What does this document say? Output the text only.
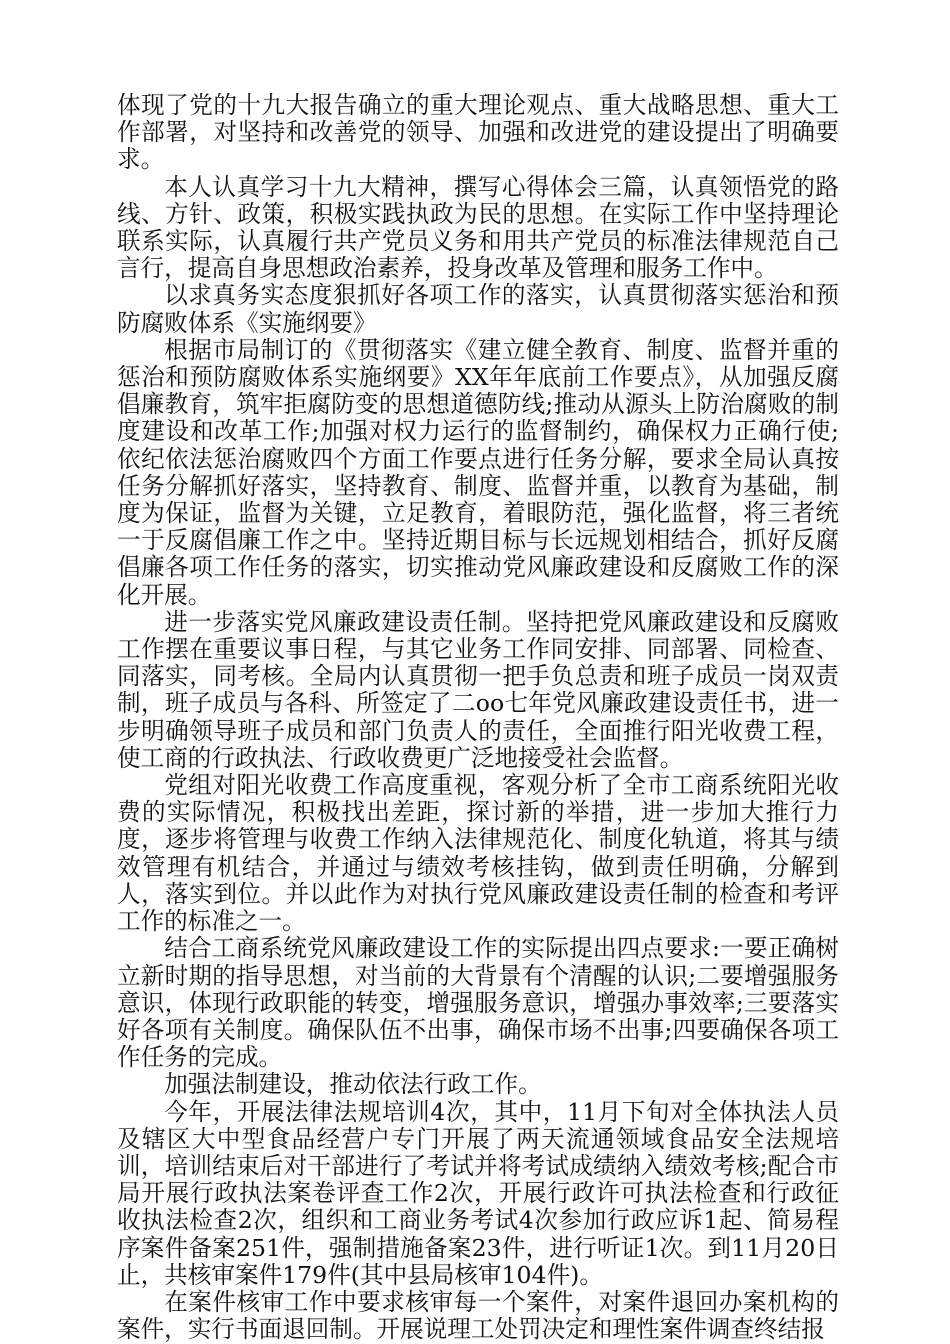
体现了党的十九大报告确立的重大理论观点、重大战略思想、重大工作部署，对坚持和改善党的领导、加强和改进党的建设提出了明确要求。

本人认真学习十九大精神，撰写心得体会三篇，认真领悟党的路线、方针、政策，积极实践执政为民的思想。在实际工作中坚持理论联系实际，认真履行共产党员义务和用共产党员的标准法律规范自己言行，提高自身思想政治素养，投身改革及管理和服务工作中。

以求真务实态度狠抓好各项工作的落实，认真贯彻落实惩治和预防腐败体系《实施纲要》

根据市局制订的《贯彻落实《建立健全教育、制度、监督并重的惩治和预防腐败体系实施纲要》XX年年底前工作要点》，从加强反腐倡廉教育，筑牢拒腐防变的思想道德防线;推动从源头上防治腐败的制度建设和改革工作;加强对权力运行的监督制约，确保权力正确行使;依纪依法惩治腐败四个方面工作要点进行任务分解，要求全局认真按任务分解抓好落实，坚持教育、制度、监督并重，以教育为基础，制度为保证，监督为关键，立足教育，着眼防范，强化监督，将三者统一于反腐倡廉工作之中。坚持近期目标与长远规划相结合，抓好反腐倡廉各项工作任务的落实，切实推动党风廉政建设和反腐败工作的深化开展。

进一步落实党风廉政建设责任制。坚持把党风廉政建设和反腐败工作摆在重要议事日程，与其它业务工作同安排、同部署、同检查、同落实，同考核。全局内认真贯彻一把手负总责和班子成员一岗双责制，班子成员与各科、所签定了二oo七年党风廉政建设责任书，进一步明确领导班子成员和部门负责人的责任，全面推行阳光收费工程，使工商的行政执法、行政收费更广泛地接受社会监督。

党组对阳光收费工作高度重视，客观分析了全市工商系统阳光收费的实际情况，积极找出差距，探讨新的举措，进一步加大推行力度，逐步将管理与收费工作纳入法律规范化、制度化轨道，将其与绩效管理有机结合，并通过与绩效考核挂钩，做到责任明确，分解到人，落实到位。并以此作为对执行党风廉政建设责任制的检查和考评工作的标准之一。

结合工商系统党风廉政建设工作的实际提出四点要求:一要正确树立新时期的指导思想，对当前的大背景有个清醒的认识;二要增强服务意识，体现行政职能的转变，增强服务意识，增强办事效率;三要落实好各项有关制度。确保队伍不出事，确保市场不出事;四要确保各项工作任务的完成。

加强法制建设，推动依法行政工作。

今年，开展法律法规培训4次，其中，11月下旬对全体执法人员及辖区大中型食品经营户专门开展了两天流通领域食品安全法规培训，培训结束后对干部进行了考试并将考试成绩纳入绩效考核;配合市局开展行政执法案卷评查工作2次，开展行政许可执法检查和行政征收执法检查2次，组织和工商业务考试4次参加行政应诉1起、简易程序案件备案251件，强制措施备案23件，进行听证1次。到11月20日止，共核审案件179件(其中县局核审104件)。

在案件核审工作中要求核审每一个案件，对案件退回办案机构的案件，实行书面退回制。开展说理工处罚决定和理性案件调查终结报
